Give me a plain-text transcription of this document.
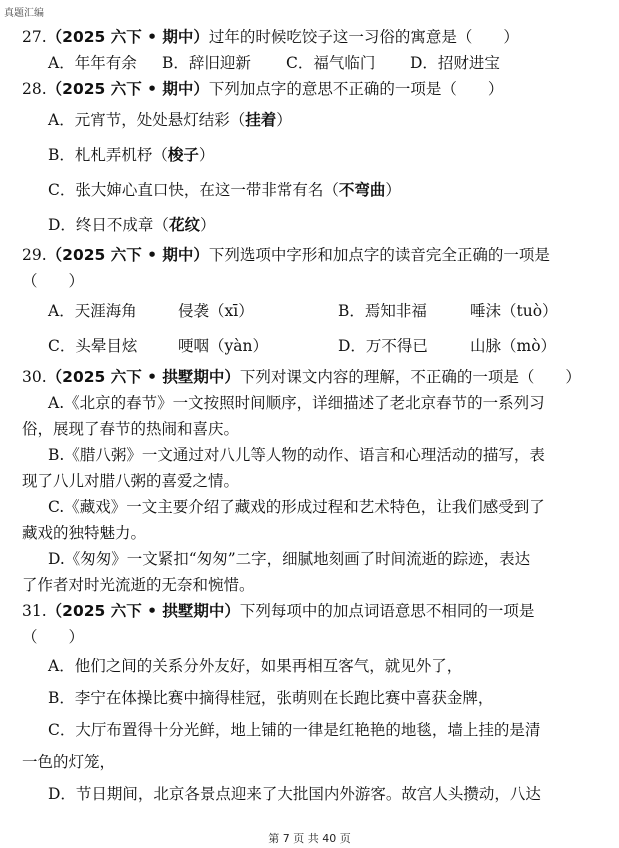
真题汇编
27.（2025 六下 • 期中）过年的时候吃饺子这一习俗的寓意是（　　）
A．年年有余 B．辞旧迎新 C．福气临门 D．招财进宝
28.（2025 六下 • 期中）下列加点字的意思不正确的一项是（　　）
A．元宵节，处处悬灯结彩（挂着）
B．札札弄机杼（梭子）
C．张大婶心直口快，在这一带非常有名（不弯曲）
D．终日不成章（花纹）
29.（2025 六下 • 期中）下列选项中字形和加点字的读音完全正确的一项是
（　　）
A．天涯海角	侵袭（xī）	B．焉知非福	唾沫（tuò）
C．头晕目炫	哽咽（yàn）	D．万不得已	山脉（mò）
30.（2025 六下 • 拱墅期中）下列对课文内容的理解，不正确的一项是（　　）
A.《北京的春节》一文按照时间顺序，详细描述了老北京春节的一系列习
俗，展现了春节的热闹和喜庆。
B.《腊八粥》一文通过对八儿等人物的动作、语言和心理活动的描写，表
现了八儿对腊八粥的喜爱之情。
C.《藏戏》一文主要介绍了藏戏的形成过程和艺术特色，让我们感受到了
藏戏的独特魅力。
D.《匆匆》一文紧扣“匆匆”二字，细腻地刻画了时间流逝的踪迹，表达
了作者对时光流逝的无奈和惋惜。
31.（2025 六下 • 拱墅期中）下列每项中的加点词语意思不相同的一项是
（　　）
A．他们之间的关系分外友好，如果再相互客气，就见外了，
B．李宁在体操比赛中摘得桂冠，张萌则在长跑比赛中喜获金牌，
C．大厅布置得十分光鲜，地上铺的一律是红艳艳的地毯，墙上挂的是清
一色的灯笼，
D．节日期间，北京各景点迎来了大批国内外游客。故宫人头攒动，八达
第 7 页 共 40 页
